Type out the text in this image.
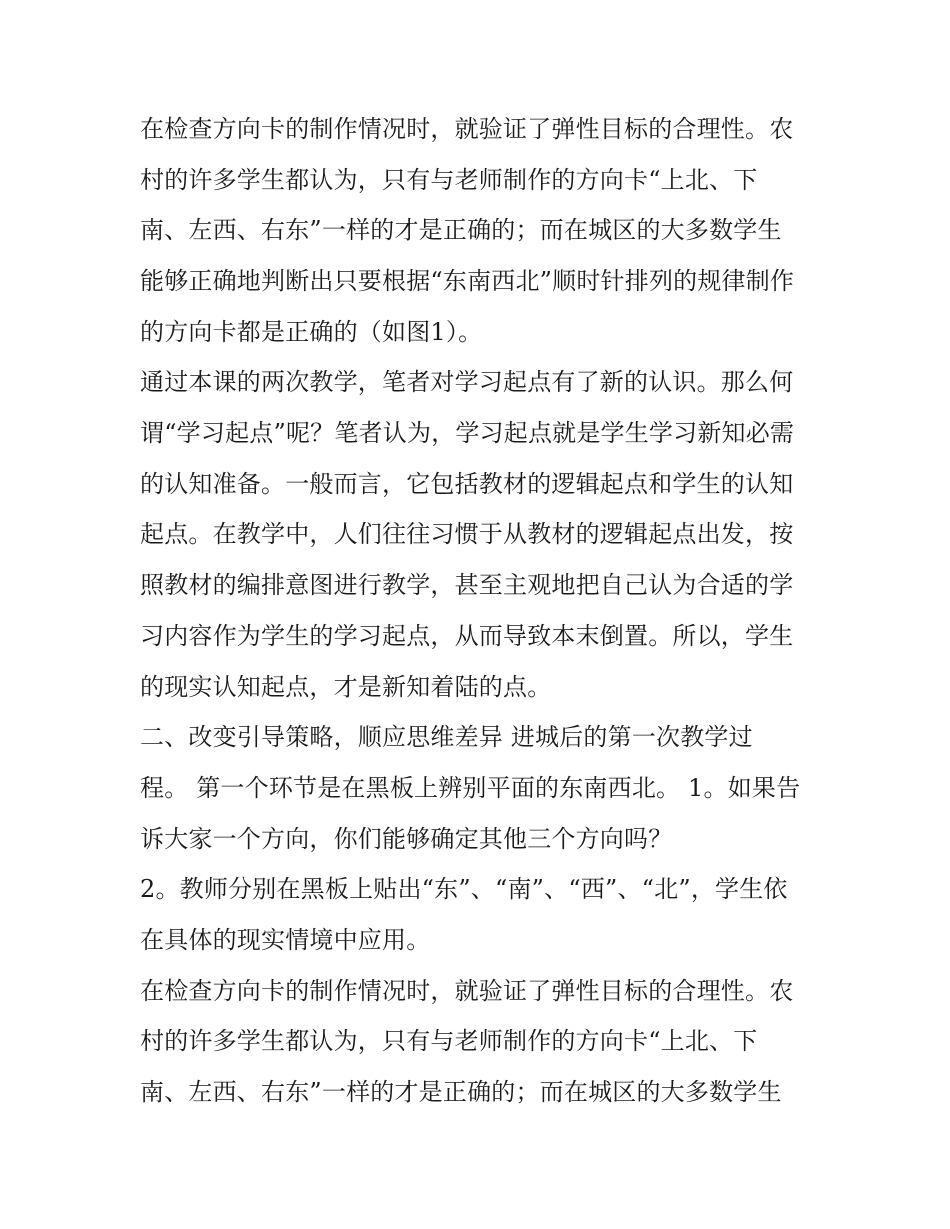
在检查方向卡的制作情况时，就验证了弹性目标的合理性。农
村的许多学生都认为，只有与老师制作的方向卡“上北、下
南、左西、右东”一样的才是正确的；而在城区的大多数学生
能够正确地判断出只要根据“东南西北”顺时针排列的规律制作
的方向卡都是正确的（如图1）。
通过本课的两次教学，笔者对学习起点有了新的认识。那么何
谓“学习起点”呢？笔者认为，学习起点就是学生学习新知必需
的认知准备。一般而言，它包括教材的逻辑起点和学生的认知
起点。在教学中，人们往往习惯于从教材的逻辑起点出发，按
照教材的编排意图进行教学，甚至主观地把自己认为合适的学
习内容作为学生的学习起点，从而导致本末倒置。所以，学生
的现实认知起点，才是新知着陆的点。
二、改变引导策略，顺应思维差异 进城后的第一次教学过
程。 第一个环节是在黑板上辨别平面的东南西北。 1。如果告
诉大家一个方向，你们能够确定其他三个方向吗？
2。教师分别在黑板上贴出“东”、“南”、“西”、“北”，学生依
在具体的现实情境中应用。
在检查方向卡的制作情况时，就验证了弹性目标的合理性。农
村的许多学生都认为，只有与老师制作的方向卡“上北、下
南、左西、右东”一样的才是正确的；而在城区的大多数学生
